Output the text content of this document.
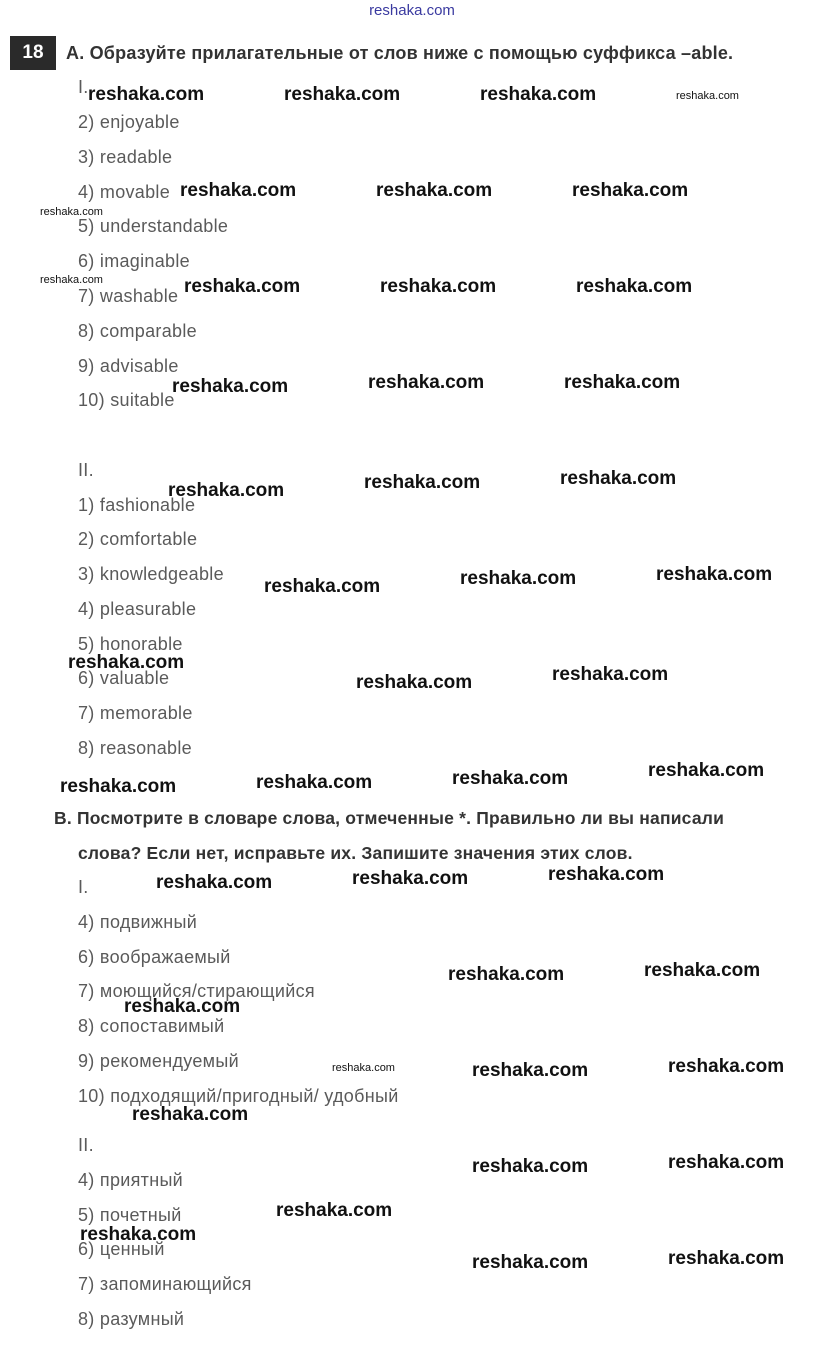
reshaka.com
18	А. Образуйте прилагательные от слов ниже с помощью суффикса –able.
I.
2) enjoyable
3) readable
4) movable
5) understandable
6) imaginable
7) washable
8) comparable
9) advisable
10) suitable
II.
1) fashionable
2) comfortable
3) knowledgeable
4) pleasurable
5) honorable
6) valuable
7) memorable
8) reasonable
В. Посмотрите в словаре слова, отмеченные *. Правильно ли вы написали
слова? Если нет, исправьте их. Запишите значения этих слов.
I.
4) подвижный
6) воображаемый
7) моющийся/стирающийся
8) сопоставимый
9) рекомендуемый
10) подходящий/пригодный/ удобный
II.
4) приятный
5) почетный
6) ценный
7) запоминающийся
8) разумный
reshaka.com	reshaka.com	reshaka.com	reshaka.com
reshaka.com	reshaka.com	reshaka.com
reshaka.com
reshaka.com	reshaka.com	reshaka.com	reshaka.com
reshaka.com	reshaka.com	reshaka.com
reshaka.com	reshaka.com	reshaka.com
reshaka.com	reshaka.com	reshaka.com
reshaka.com
reshaka.com	reshaka.com
reshaka.com	reshaka.com	reshaka.com	reshaka.com
reshaka.com	reshaka.com	reshaka.com
reshaka.com	reshaka.com
reshaka.com
reshaka.com	reshaka.com	reshaka.com
reshaka.com
reshaka.com	reshaka.com
reshaka.com
reshaka.com
reshaka.com	reshaka.com
